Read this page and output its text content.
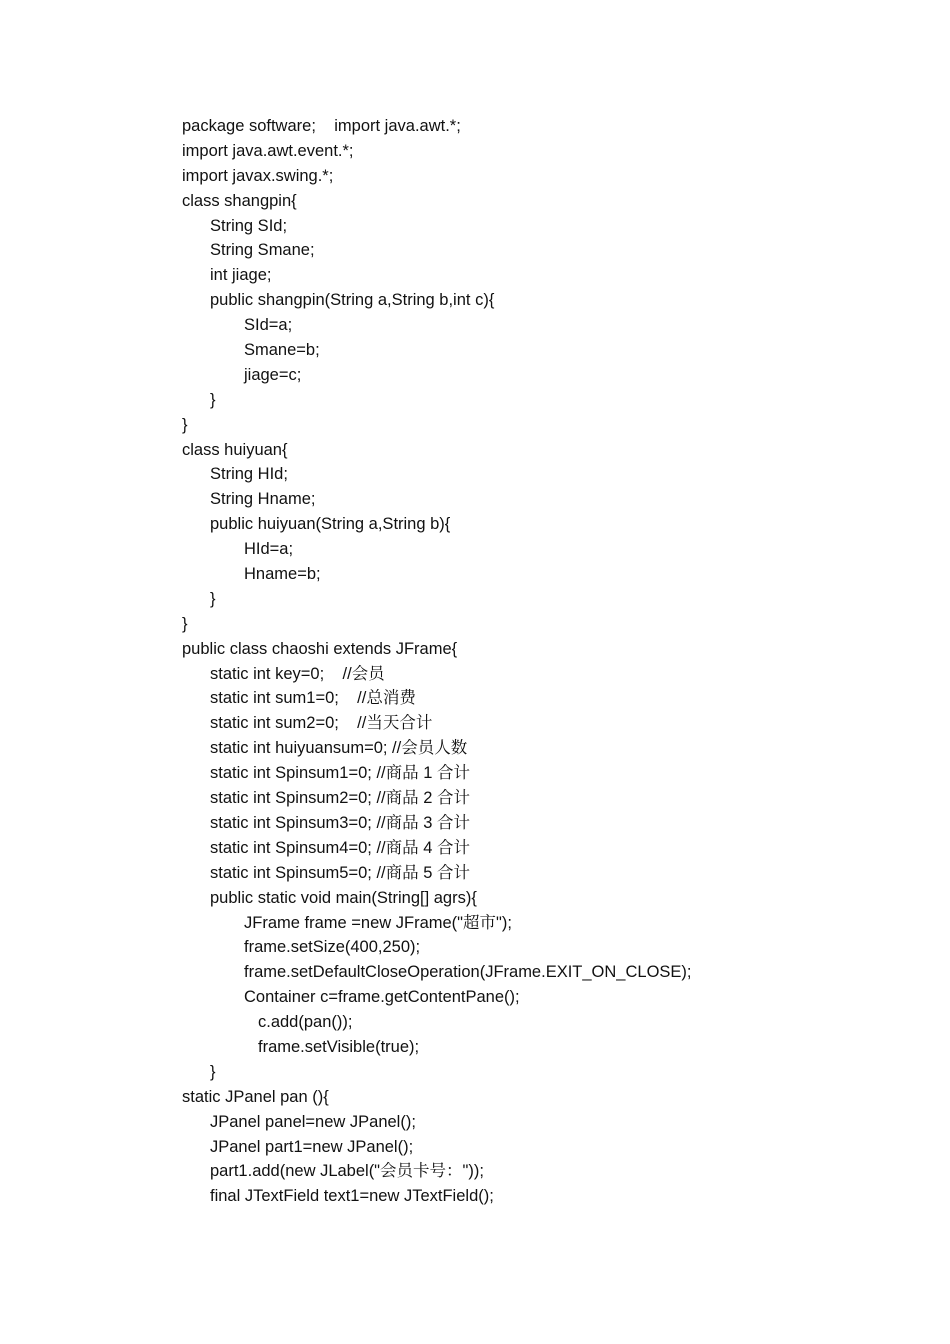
package software;    import java.awt.*;
import java.awt.event.*;
import javax.swing.*;
class shangpin{
String SId;
String Smane;
int jiage;
public shangpin(String a,String b,int c){
SId=a;
Smane=b;
jiage=c;
}
}
class huiyuan{
String HId;
String Hname;
public huiyuan(String a,String b){
HId=a;
Hname=b;
}
}
public class chaoshi extends JFrame{
static int key=0;    //会员
static int sum1=0;    //总消费
static int sum2=0;    //当天合计
static int huiyuansum=0; //会员人数
static int Spinsum1=0; //商品 1 合计
static int Spinsum2=0; //商品 2 合计
static int Spinsum3=0; //商品 3 合计
static int Spinsum4=0; //商品 4 合计
static int Spinsum5=0; //商品 5 合计
public static void main(String[] agrs){
JFrame frame =new JFrame("超市");
frame.setSize(400,250);
frame.setDefaultCloseOperation(JFrame.EXIT_ON_CLOSE);
Container c=frame.getContentPane();
c.add(pan());
frame.setVisible(true);
}
static JPanel pan (){
JPanel panel=new JPanel();
JPanel part1=new JPanel();
part1.add(new JLabel("会员卡号："));
final JTextField text1=new JTextField();
